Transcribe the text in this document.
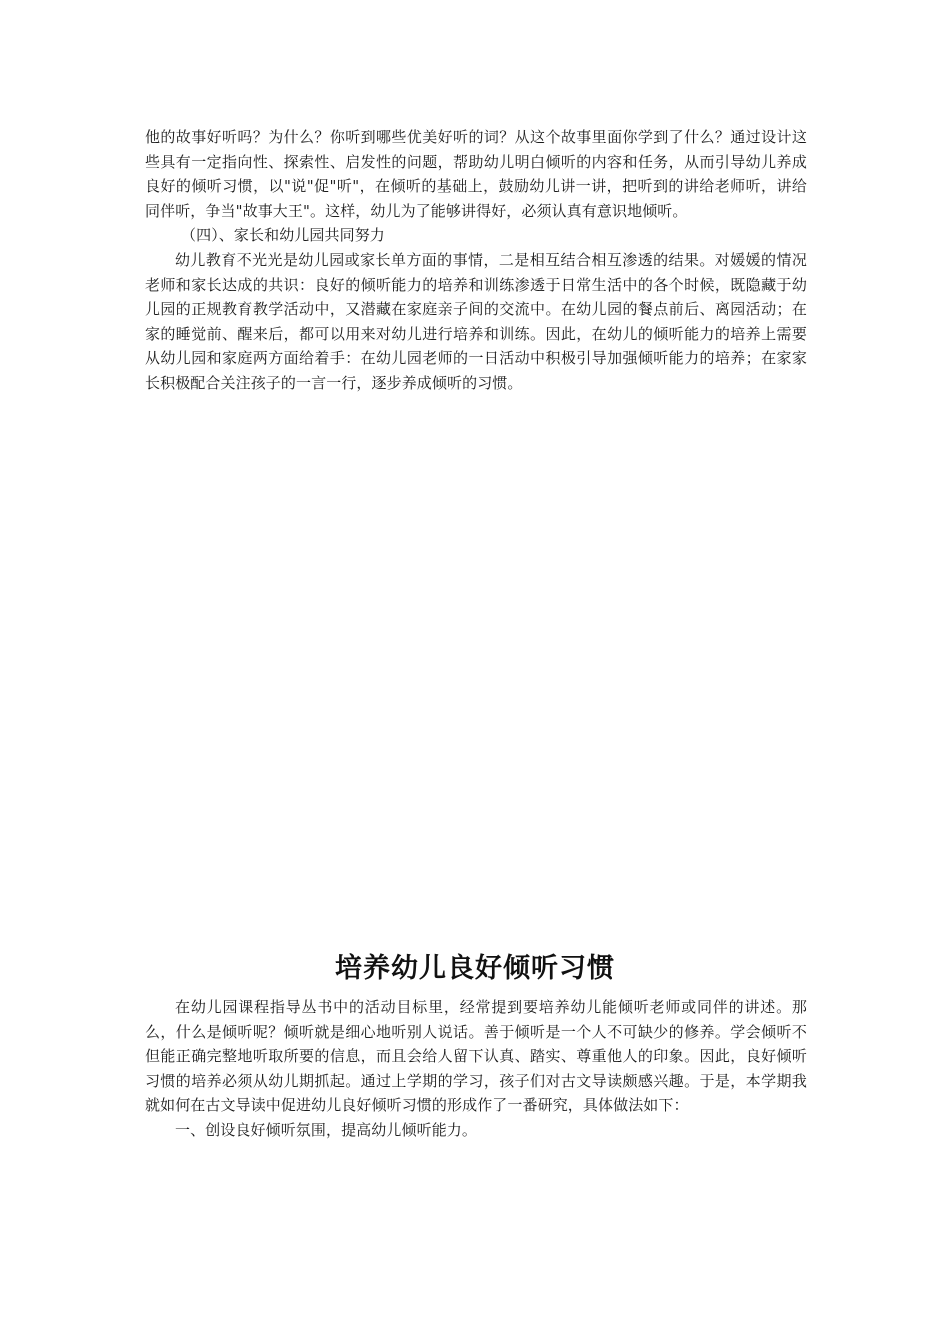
他的故事好听吗？为什么？你听到哪些优美好听的词？从这个故事里面你学到了什么？通过设计这些具有一定指向性、探索性、启发性的问题，帮助幼儿明白倾听的内容和任务，从而引导幼儿养成良好的倾听习惯，以"说"促"听"，在倾听的基础上，鼓励幼儿讲一讲，把听到的讲给老师听，讲给同伴听，争当"故事大王"。这样，幼儿为了能够讲得好，必须认真有意识地倾听。

（四）、家长和幼儿园共同努力

幼儿教育不光光是幼儿园或家长单方面的事情，二是相互结合相互渗透的结果。对媛媛的情况老师和家长达成的共识：良好的倾听能力的培养和训练渗透于日常生活中的各个时候，既隐藏于幼儿园的正规教育教学活动中，又潜藏在家庭亲子间的交流中。在幼儿园的餐点前后、离园活动；在家的睡觉前、醒来后，都可以用来对幼儿进行培养和训练。因此，在幼儿的倾听能力的培养上需要从幼儿园和家庭两方面给着手：在幼儿园老师的一日活动中积极引导加强倾听能力的培养；在家家长积极配合关注孩子的一言一行，逐步养成倾听的习惯。

培养幼儿良好倾听习惯

在幼儿园课程指导丛书中的活动目标里，经常提到要培养幼儿能倾听老师或同伴的讲述。那么，什么是倾听呢？倾听就是细心地听别人说话。善于倾听是一个人不可缺少的修养。学会倾听不但能正确完整地听取所要的信息，而且会给人留下认真、踏实、尊重他人的印象。因此，良好倾听习惯的培养必须从幼儿期抓起。通过上学期的学习，孩子们对古文导读颇感兴趣。于是，本学期我就如何在古文导读中促进幼儿良好倾听习惯的形成作了一番研究，具体做法如下：

一、创设良好倾听氛围，提高幼儿倾听能力。
